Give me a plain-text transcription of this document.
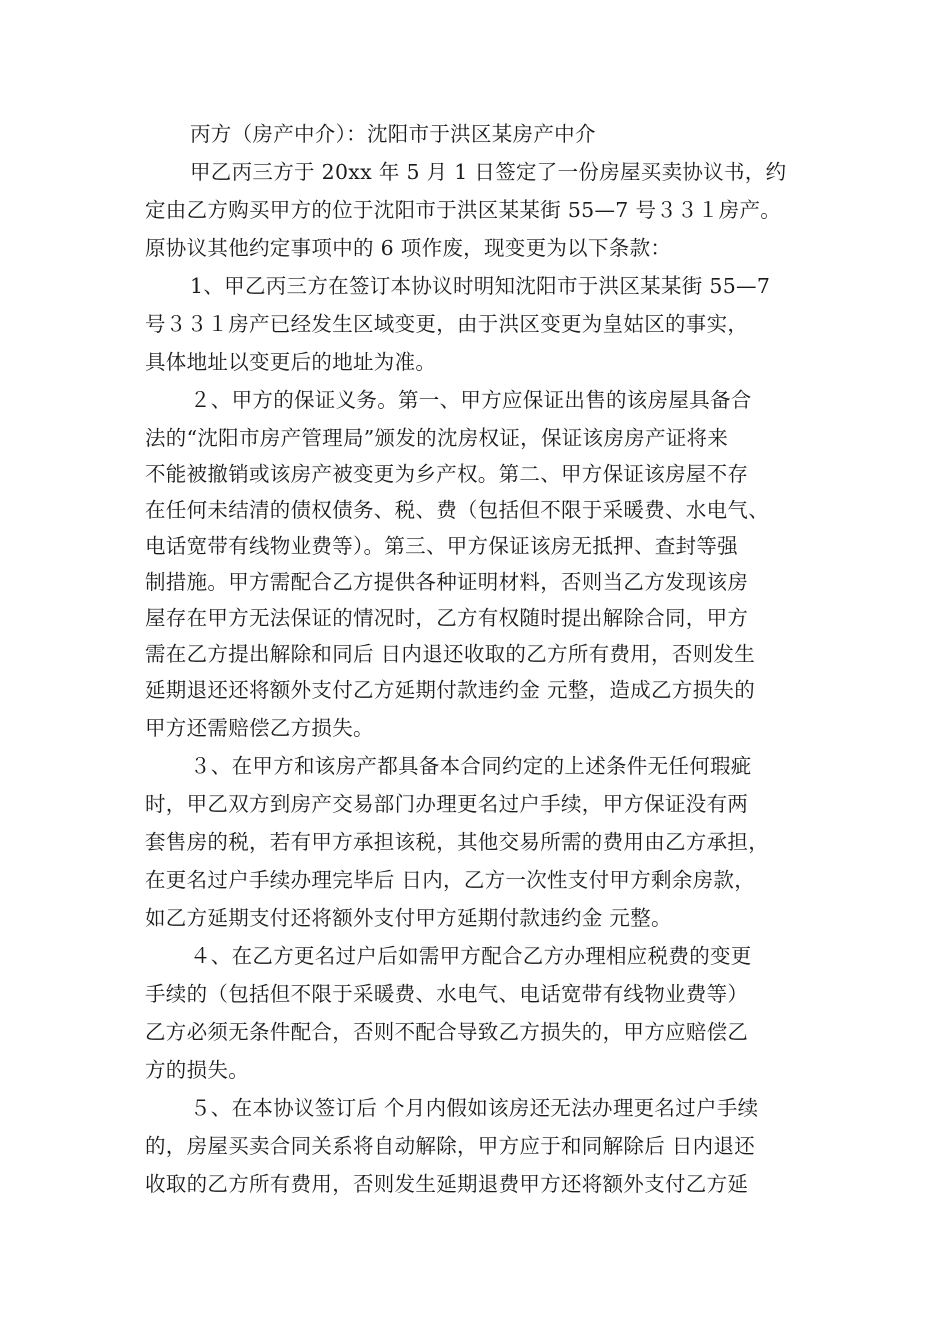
丙方（房产中介）：沈阳市于洪区某房产中介
甲乙丙三方于 20xx 年 5 月 1 日签定了一份房屋买卖协议书，约
定由乙方购买甲方的位于沈阳市于洪区某某街 55—7 号３３１房产。
原协议其他约定事项中的 6 项作废，现变更为以下条款：
1、甲乙丙三方在签订本协议时明知沈阳市于洪区某某街 55—7
号３３１房产已经发生区域变更，由于洪区变更为皇姑区的事实，
具体地址以变更后的地址为准。
２、甲方的保证义务。第一、甲方应保证出售的该房屋具备合
法的“沈阳市房产管理局”颁发的沈房权证，保证该房房产证将来
不能被撤销或该房产被变更为乡产权。第二、甲方保证该房屋不存
在任何未结清的债权债务、税、费（包括但不限于采暖费、水电气、
电话宽带有线物业费等）。第三、甲方保证该房无抵押、查封等强
制措施。甲方需配合乙方提供各种证明材料，否则当乙方发现该房
屋存在甲方无法保证的情况时，乙方有权随时提出解除合同，甲方
需在乙方提出解除和同后 日内退还收取的乙方所有费用，否则发生
延期退还还将额外支付乙方延期付款违约金 元整，造成乙方损失的
甲方还需赔偿乙方损失。
３、在甲方和该房产都具备本合同约定的上述条件无任何瑕疵
时，甲乙双方到房产交易部门办理更名过户手续，甲方保证没有两
套售房的税，若有甲方承担该税，其他交易所需的费用由乙方承担，
在更名过户手续办理完毕后 日内，乙方一次性支付甲方剩余房款，
如乙方延期支付还将额外支付甲方延期付款违约金 元整。
４、在乙方更名过户后如需甲方配合乙方办理相应税费的变更
手续的（包括但不限于采暖费、水电气、电话宽带有线物业费等）
乙方必须无条件配合，否则不配合导致乙方损失的，甲方应赔偿乙
方的损失。
５、在本协议签订后 个月内假如该房还无法办理更名过户手续
的，房屋买卖合同关系将自动解除，甲方应于和同解除后 日内退还
收取的乙方所有费用，否则发生延期退费甲方还将额外支付乙方延
